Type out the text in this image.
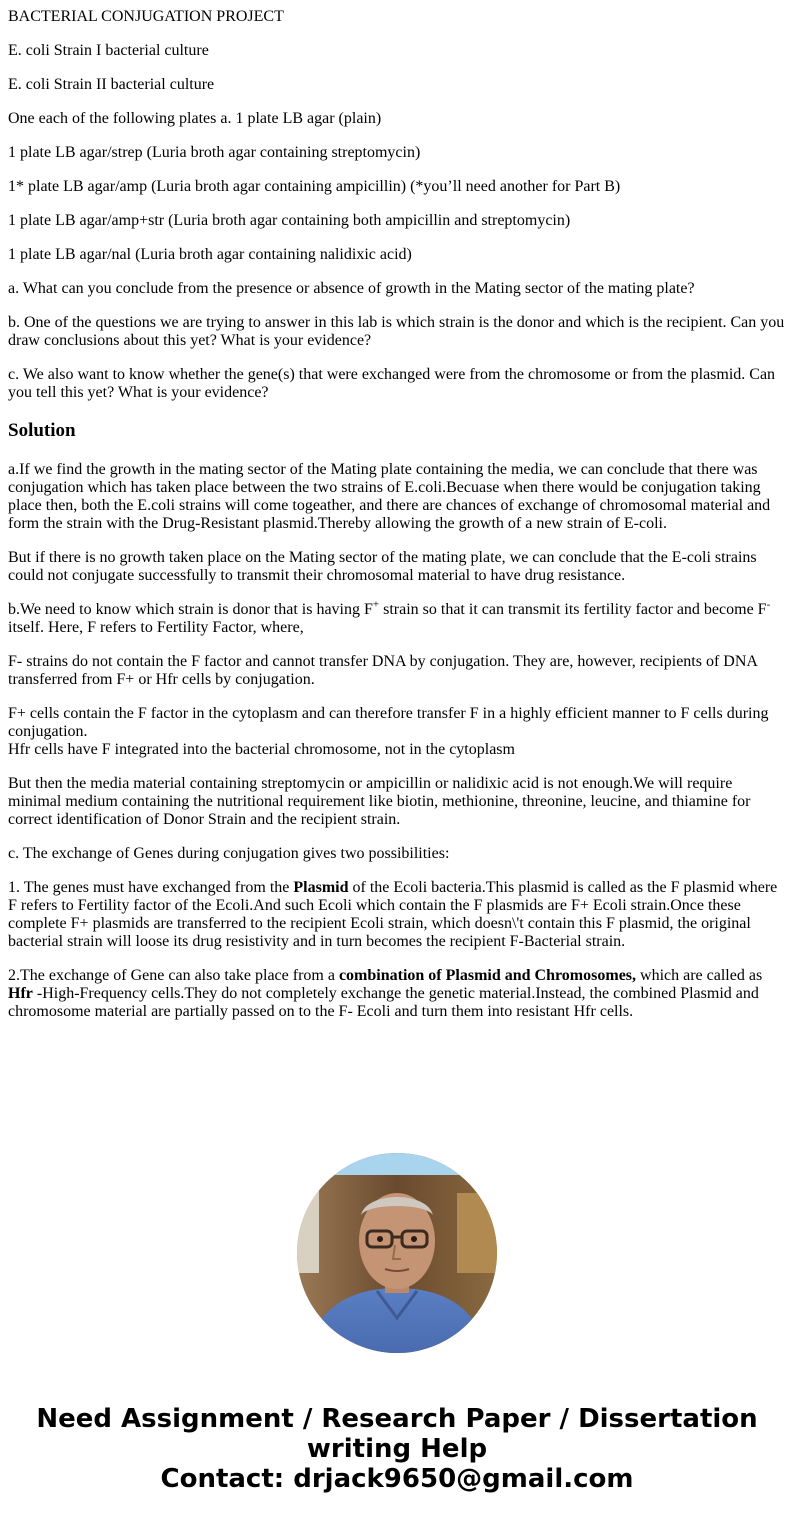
BACTERIAL CONJUGATION PROJECT

E. coli Strain I bacterial culture

E. coli Strain II bacterial culture

One each of the following plates a. 1 plate LB agar (plain)

1 plate LB agar/strep (Luria broth agar containing streptomycin)

1* plate LB agar/amp (Luria broth agar containing ampicillin) (*you’ll need another for Part B)

1 plate LB agar/amp+str (Luria broth agar containing both ampicillin and streptomycin)

1 plate LB agar/nal (Luria broth agar containing nalidixic acid)

a. What can you conclude from the presence or absence of growth in the Mating sector of the mating plate?

b. One of the questions we are trying to answer in this lab is which strain is the donor and which is the recipient. Can you draw conclusions about this yet? What is your evidence?

c. We also want to know whether the gene(s) that were exchanged were from the chromosome or from the plasmid. Can you tell this yet? What is your evidence?

Solution

a.If we find the growth in the mating sector of the Mating plate containing the media, we can conclude that there was conjugation which has taken place between the two strains of E.coli.Becuase when there would be conjugation taking place then, both the E.coli strains will come togeather, and there are chances of exchange of chromosomal material and form the strain with the Drug-Resistant plasmid.Thereby allowing the growth of a new strain of E-coli.

But if there is no growth taken place on the Mating sector of the mating plate, we can conclude that the E-coli strains could not conjugate successfully to transmit their chromosomal material to have drug resistance.

b.We need to know which strain is donor that is having F+ strain so that it can transmit its fertility factor and become F- itself. Here, F refers to Fertility Factor, where,

F- strains do not contain the F factor and cannot transfer DNA by conjugation. They are, however, recipients of DNA transferred from F+ or Hfr cells by conjugation.

F+ cells contain the F factor in the cytoplasm and can therefore transfer F in a highly efficient manner to F cells during conjugation.
Hfr cells have F integrated into the bacterial chromosome, not in the cytoplasm

But then the media material containing streptomycin or ampicillin or nalidixic acid is not enough.We will require minimal medium containing the nutritional requirement like biotin, methionine, threonine, leucine, and thiamine for correct identification of Donor Strain and the recipient strain.

c. The exchange of Genes during conjugation gives two possibilities:

1. The genes must have exchanged from the Plasmid of the Ecoli bacteria.This plasmid is called as the F plasmid where F refers to Fertility factor of the Ecoli.And such Ecoli which contain the F plasmids are F+ Ecoli strain.Once these complete F+ plasmids are transferred to the recipient Ecoli strain, which doesn\'t contain this F plasmid, the original bacterial strain will loose its drug resistivity and in turn becomes the recipient F-Bacterial strain.

2.The exchange of Gene can also take place from a combination of Plasmid and Chromosomes, which are called as Hfr -High-Frequency cells.They do not completely exchange the genetic material.Instead, the combined Plasmid and chromosome material are partially passed on to the F- Ecoli and turn them into resistant Hfr cells.

Need Assignment / Research Paper / Dissertation
writing Help
Contact: drjack9650@gmail.com
